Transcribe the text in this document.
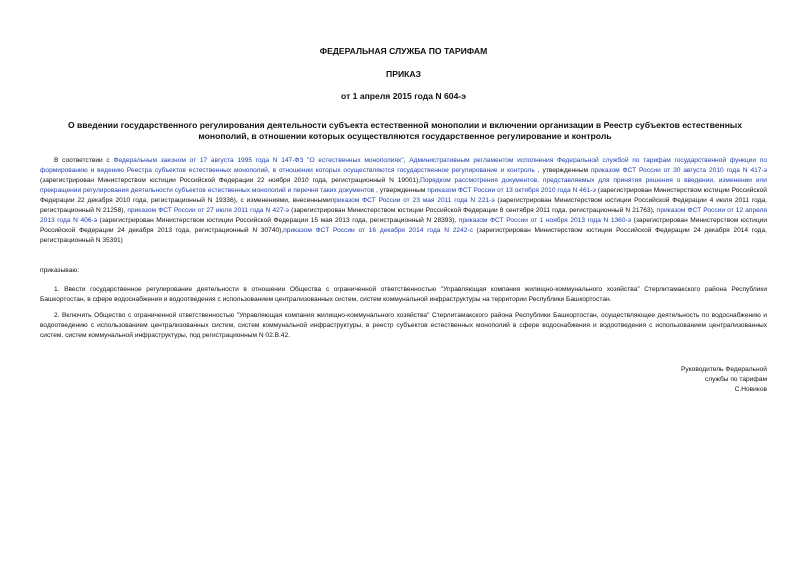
ФЕДЕРАЛЬНАЯ СЛУЖБА ПО ТАРИФАМ
ПРИКАЗ
от 1 апреля 2015 года N 604-э
О введении государственного регулирования деятельности субъекта естественной монополии и включении организации в Реестр субъектов естественных монополий, в отношении которых осуществляются государственное регулирование и контроль
В соответствии с Федеральным законом от 17 августа 1995 года N 147-ФЗ "О естественных монополиях", Административным регламентом исполнения Федеральной службой по тарифам государственной функции по формированию и ведению Реестра субъектов естественных монополий, в отношении которых осуществляются государственное регулирование и контроль , утвержденным приказом ФСТ России от 30 августа 2010 года N 417-э (зарегистрирован Министерством юстиции Российской Федерации 22 ноября 2010 года, регистрационный N 19001),Порядком рассмотрения документов, представляемых для принятия решения о введении, изменении или прекращении регулирования деятельности субъектов естественных монополий и перечня таких документов , утвержденным приказом ФСТ России от 13 октября 2010 года N 461-э (зарегистрирован Министерством юстиции Российской Федерации 22 декабря 2010 года, регистрационный N 19336), с изменениями, внесеннымиприказом ФСТ России от 23 мая 2011 года N 221-э (зарегистрирован Министерством юстиции Российской Федерации 4 июля 2011 года, регистрационный N 21258), приказом ФСТ России от 27 июля 2011 года N 427-э (зарегистрирован Министерством юстиции Российской Федерации 8 сентября 2011 года, регистрационный N 21763), приказом ФСТ России от 12 апреля 2013 года N 406-э (зарегистрирован Министерством юстиции Российской Федерации 15 мая 2013 года, регистрационный N 28393), приказом ФСТ России от 1 ноября 2013 года N 1360-э (зарегистрирован Министерством юстиции Российской Федерации 24 декабря 2013 года, регистрационный N 30740),приказом ФСТ России от 16 декабря 2014 года N 2242-с (зарегистрирован Министерством юстиции Российской Федерации 24 декабря 2014 года, регистрационный N 35391)
приказываю:
1. Ввести государственное регулирование деятельности в отношении Общества с ограниченной ответственностью "Управляющая компания жилищно-коммунального хозяйства" Стерлитамакского района Республики Башкортостан, в сфере водоснабжения и водоотведения с использованием централизованных систем, систем коммунальной инфраструктуры на территории Республики Башкортостан.
2. Включить Общество с ограниченной ответственностью "Управляющая компания жилищно-коммунального хозяйства" Стерлитамакского района Республики Башкортостан, осуществляющее деятельность по водоснабжению и водоотведению с использованием централизованных систем, систем коммунальной инфраструктуры, в реестр субъектов естественных монополий в сфере водоснабжения и водоотведения с использованием централизованных систем, систем коммунальной инфраструктуры, под регистрационным N 02.В.42.
Руководитель Федеральной
службы по тарифам
С.Новиков
